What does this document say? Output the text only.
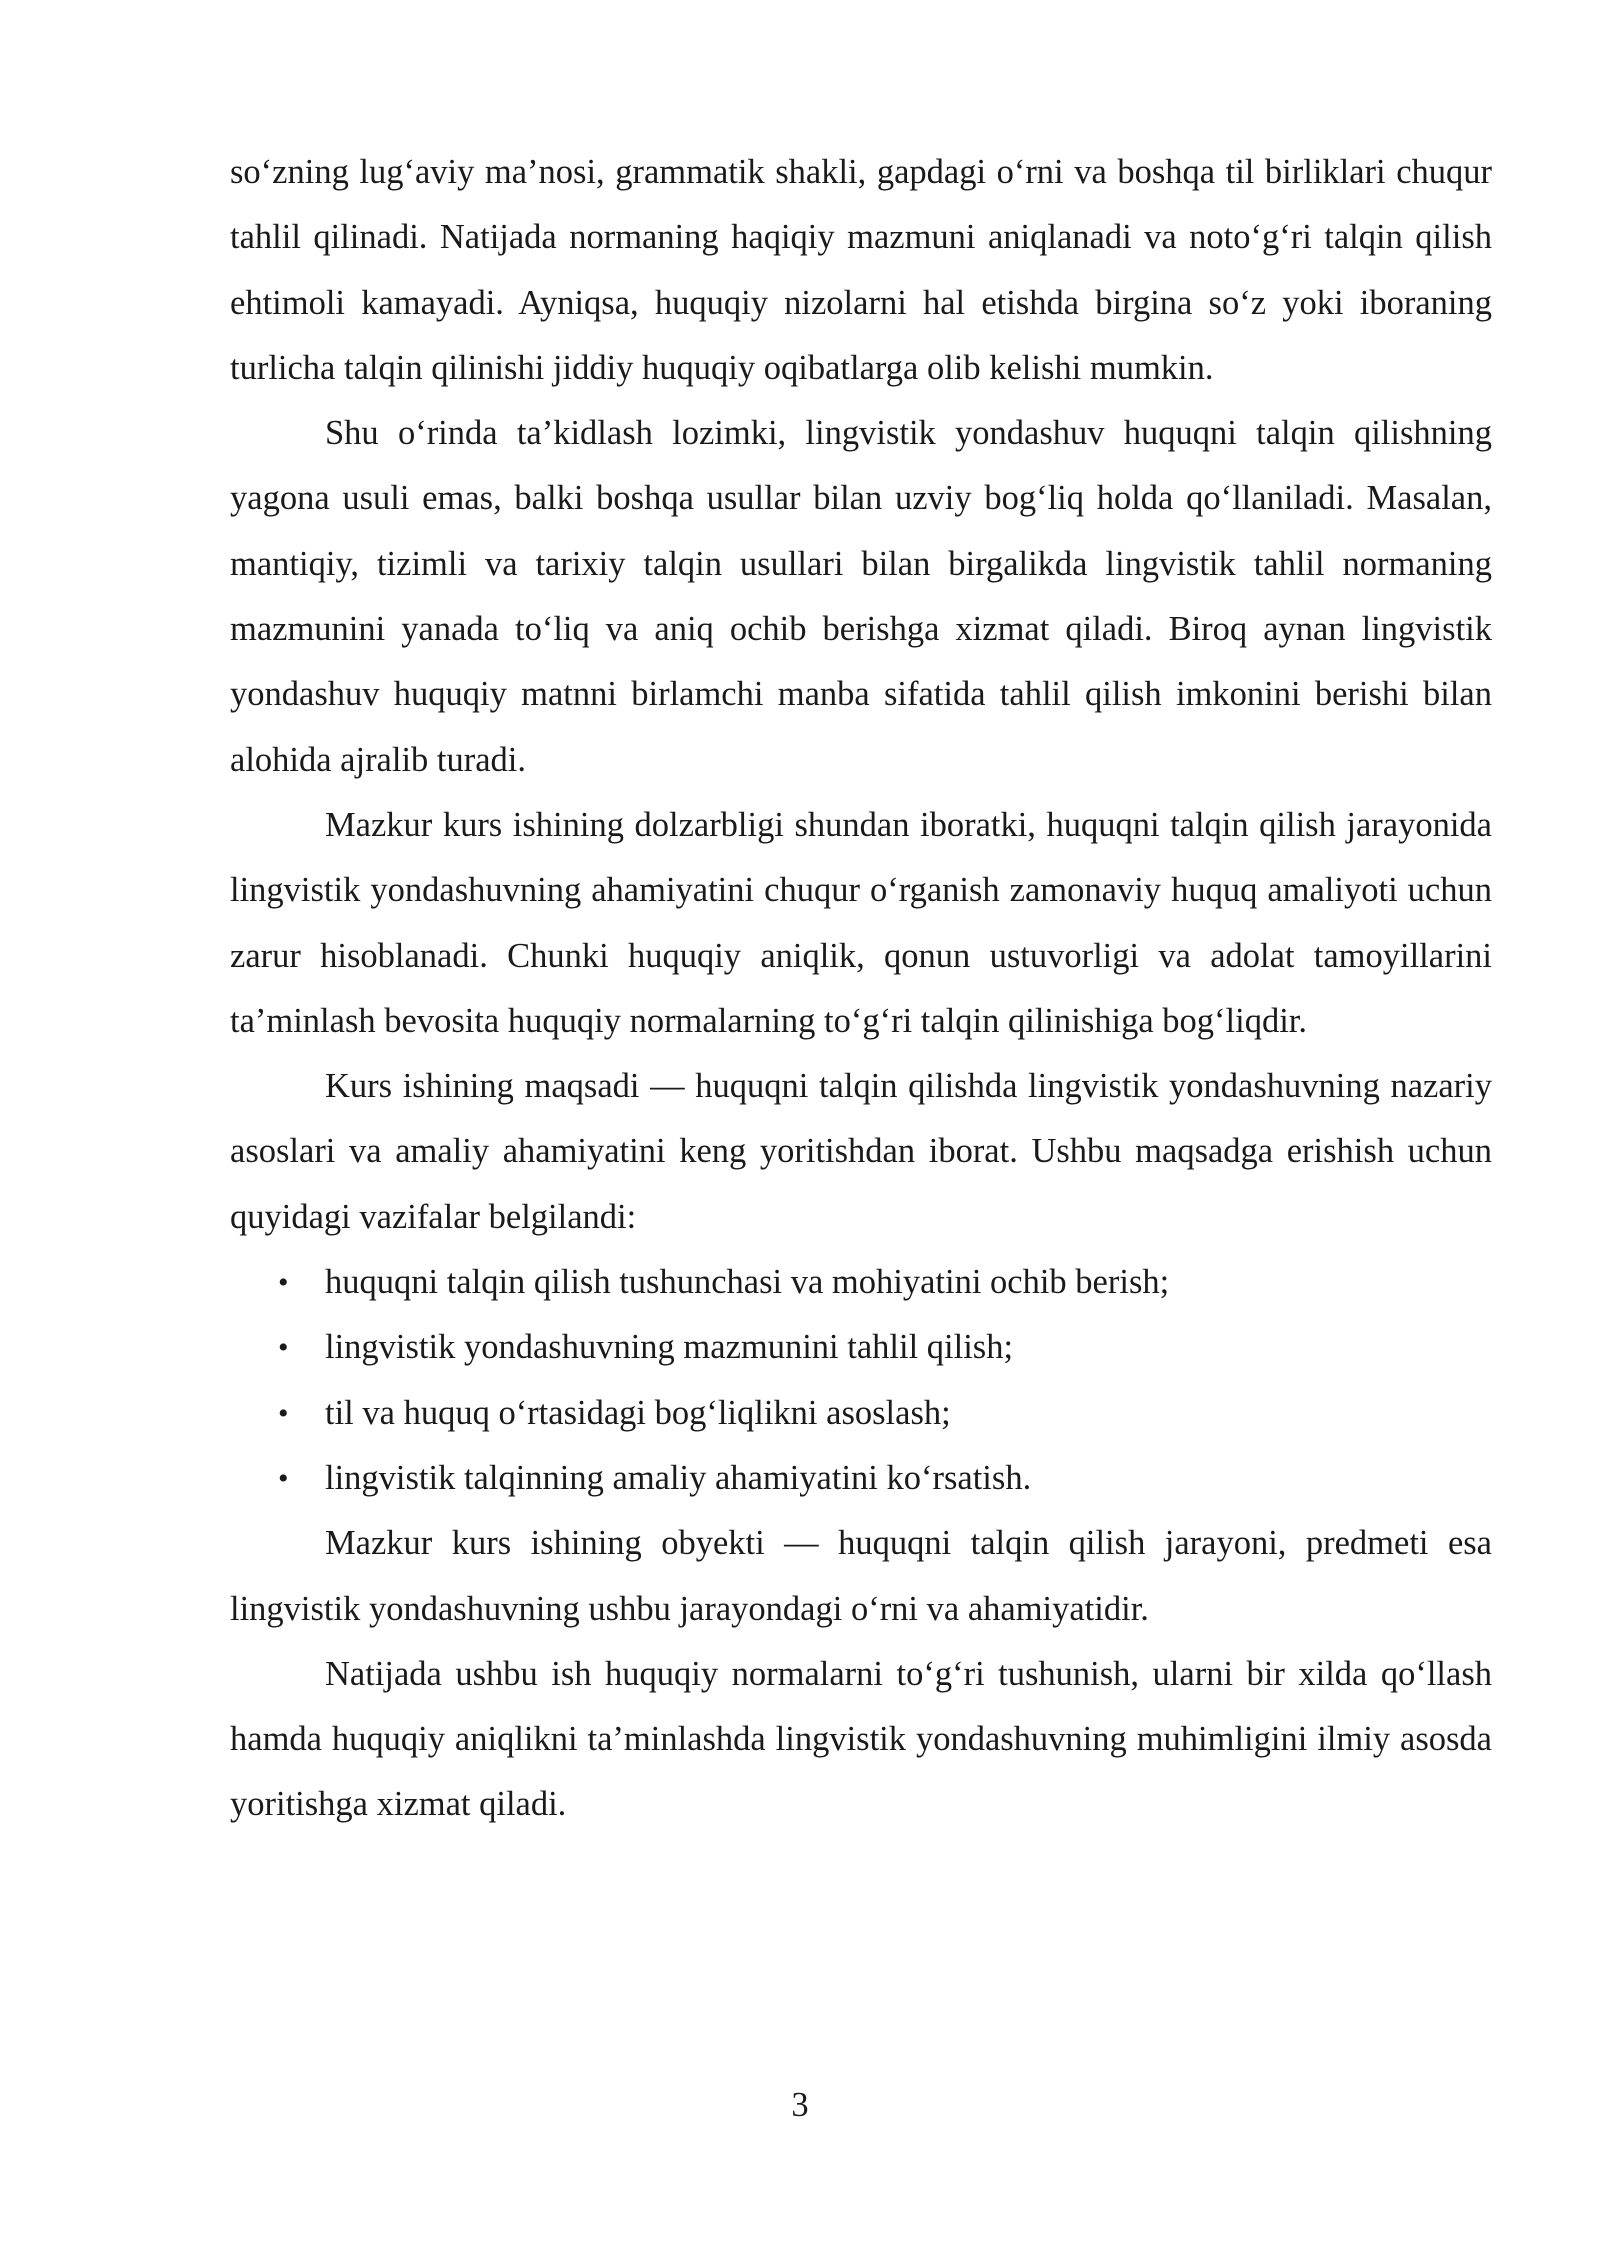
so‘zning lug‘aviy ma’nosi, grammatik shakli, gapdagi o‘rni va boshqa til birliklari chuqur tahlil qilinadi. Natijada normaning haqiqiy mazmuni aniqlanadi va noto‘g‘ri talqin qilish ehtimoli kamayadi. Ayniqsa, huquqiy nizolarni hal etishda birgina so‘z yoki iboraning turlicha talqin qilinishi jiddiy huquqiy oqibatlarga olib kelishi mumkin.

Shu o‘rinda ta’kidlash lozimki, lingvistik yondashuv huquqni talqin qilishning yagona usuli emas, balki boshqa usullar bilan uzviy bog‘liq holda qo‘llaniladi. Masalan, mantiqiy, tizimli va tarixiy talqin usullari bilan birgalikda lingvistik tahlil normaning mazmunini yanada to‘liq va aniq ochib berishga xizmat qiladi. Biroq aynan lingvistik yondashuv huquqiy matnni birlamchi manba sifatida tahlil qilish imkonini berishi bilan alohida ajralib turadi.

Mazkur kurs ishining dolzarbligi shundan iboratki, huquqni talqin qilish jarayonida lingvistik yondashuvning ahamiyatini chuqur o‘rganish zamonaviy huquq amaliyoti uchun zarur hisoblanadi. Chunki huquqiy aniqlik, qonun ustuvorligi va adolat tamoyillarini ta’minlash bevosita huquqiy normalarning to‘g‘ri talqin qilinishiga bog‘liqdir.

Kurs ishining maqsadi — huquqni talqin qilishda lingvistik yondashuvning nazariy asoslari va amaliy ahamiyatini keng yoritishdan iborat. Ushbu maqsadga erishish uchun quyidagi vazifalar belgilandi:

• huquqni talqin qilish tushunchasi va mohiyatini ochib berish;
• lingvistik yondashuvning mazmunini tahlil qilish;
• til va huquq o‘rtasidagi bog‘liqlikni asoslash;
• lingvistik talqinning amaliy ahamiyatini ko‘rsatish.

Mazkur kurs ishining obyekti — huquqni talqin qilish jarayoni, predmeti esa lingvistik yondashuvning ushbu jarayondagi o‘rni va ahamiyatidir.

Natijada ushbu ish huquqiy normalarni to‘g‘ri tushunish, ularni bir xilda qo‘llash hamda huquqiy aniqlikni ta’minlashda lingvistik yondashuvning muhimligini ilmiy asosda yoritishga xizmat qiladi.

3
